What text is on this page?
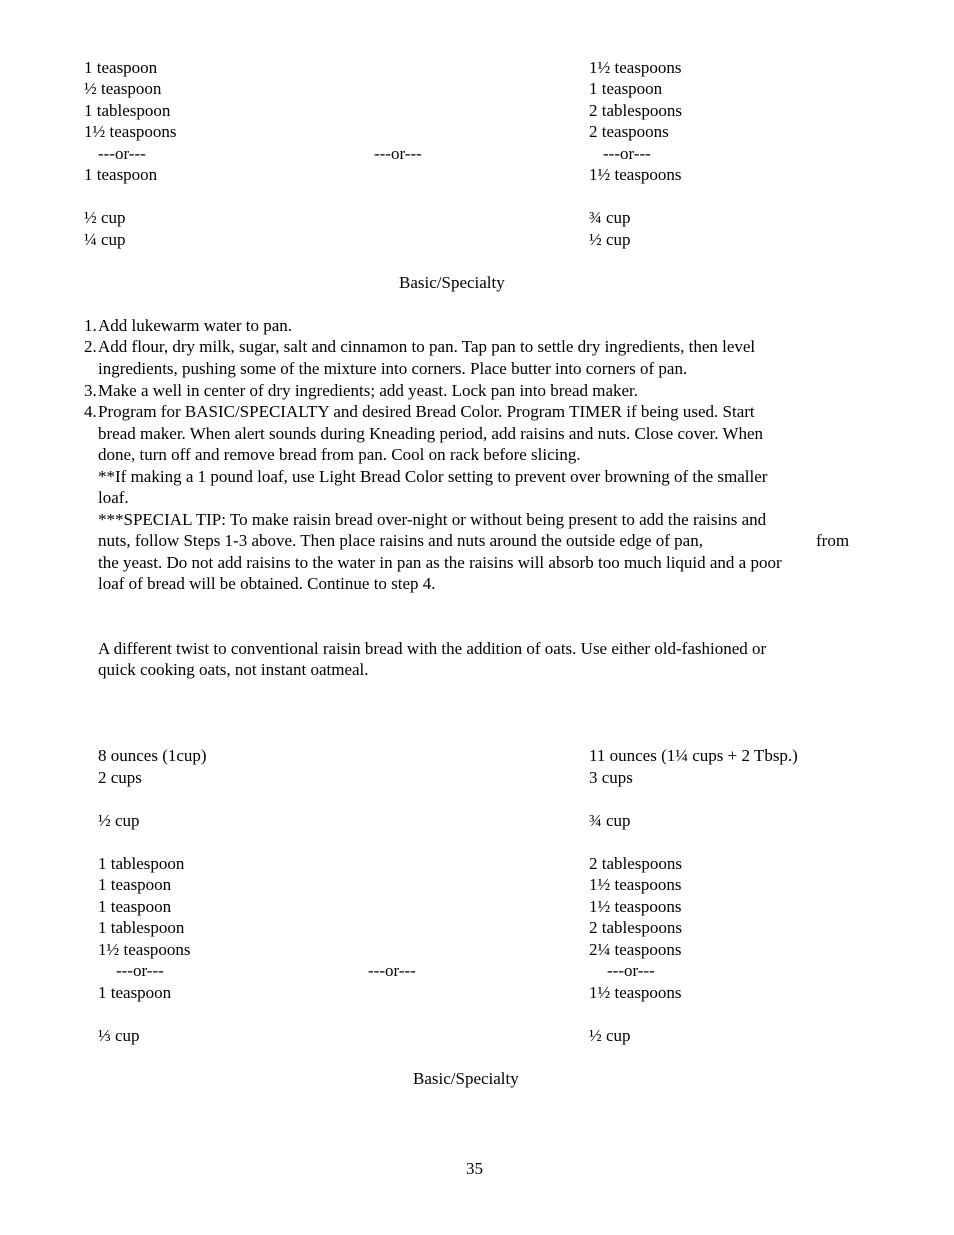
1 teaspoon
½ teaspoon
1 tablespoon
1½ teaspoons
---or---
1 teaspoon
½ cup
¼ cup
---or---
1½ teaspoons
1 teaspoon
2 tablespoons
2 teaspoons
---or---
1½ teaspoons
¾ cup
½ cup
Basic/Specialty
1. Add lukewarm water to pan.
2. Add flour, dry milk, sugar, salt and cinnamon to pan. Tap pan to settle dry ingredients, then level
ingredients, pushing some of the mixture into corners. Place butter into corners of pan.
3. Make a well in center of dry ingredients; add yeast. Lock pan into bread maker.
4. Program for BASIC/SPECIALTY and desired Bread Color. Program TIMER if being used. Start
bread maker. When alert sounds during Kneading period, add raisins and nuts. Close cover. When
done, turn off and remove bread from pan. Cool on rack before slicing.
**If making a 1 pound loaf, use Light Bread Color setting to prevent over browning of the smaller
loaf.
***SPECIAL TIP: To make raisin bread over-night or without being present to add the raisins and
nuts, follow Steps 1-3 above. Then place raisins and nuts around the outside edge of pan,	from
the yeast. Do not add raisins to the water in pan as the raisins will absorb too much liquid and a poor
loaf of bread will be obtained. Continue to step 4.
A different twist to conventional raisin bread with the addition of oats. Use either old-fashioned or
quick cooking oats, not instant oatmeal.
8 ounces (1cup)
2 cups
½ cup
1 tablespoon
1 teaspoon
1 teaspoon
1 tablespoon
1½ teaspoons
---or---
1 teaspoon
⅓ cup
---or---
11 ounces (1¼ cups + 2 Tbsp.)
3 cups
¾ cup
2 tablespoons
1½ teaspoons
1½ teaspoons
2 tablespoons
2¼ teaspoons
---or---
1½ teaspoons
½ cup
Basic/Specialty
35
